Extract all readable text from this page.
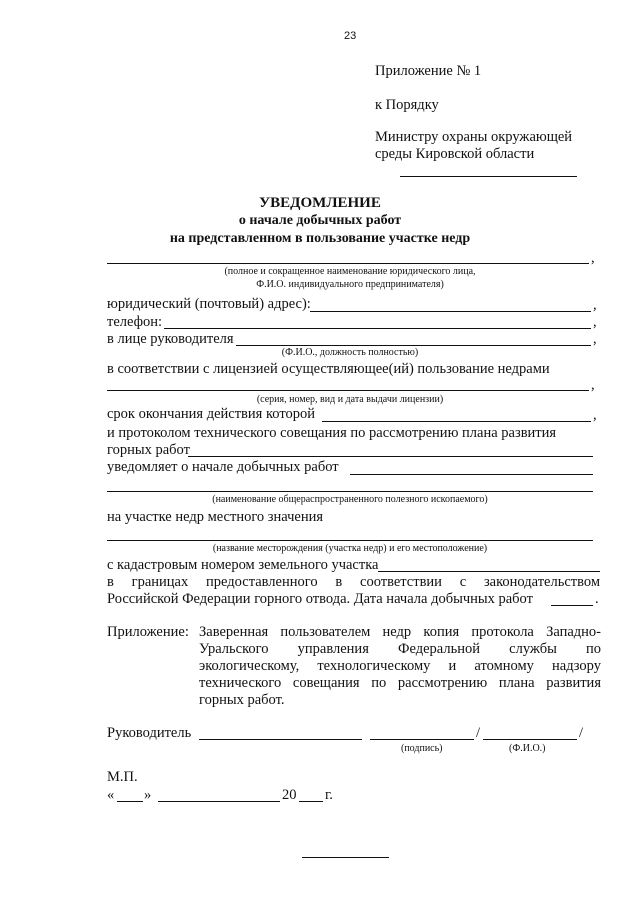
23
Приложение № 1
к Порядку
Министру охраны окружающей
среды Кировской области
УВЕДОМЛЕНИЕ
о начале добычных работ
на представленном в пользование участке недр
,
(полное и сокращенное наименование юридического лица,
Ф.И.О. индивидуального предпринимателя)
юридический (почтовый) адрес):	,
телефон:	,
в лице руководителя	,
(Ф.И.О., должность полностью)
в соответствии с лицензией осуществляющее(ий) пользование недрами
,
(серия, номер, вид и дата выдачи лицензии)
срок окончания действия которой	,
и протоколом технического совещания по рассмотрению плана развития
горных работ
уведомляет о начале добычных работ
(наименование общераспространенного полезного ископаемого)
на участке недр местного значения
(название месторождения (участка недр) и его местоположение)
с кадастровым номером земельного участка
в границах предоставленного в соответствии с законодательством
Российской Федерации горного отвода. Дата начала добычных работ	.
Приложение: Заверенная пользователем недр копия протокола Западно-
Уральского управления Федеральной службы по
экологическому, технологическому и атомному надзору
технического совещания по рассмотрению плана развития
горных работ.
Руководитель	/	/
(подпись)	(Ф.И.О.)
М.П.
« »	20 г.
